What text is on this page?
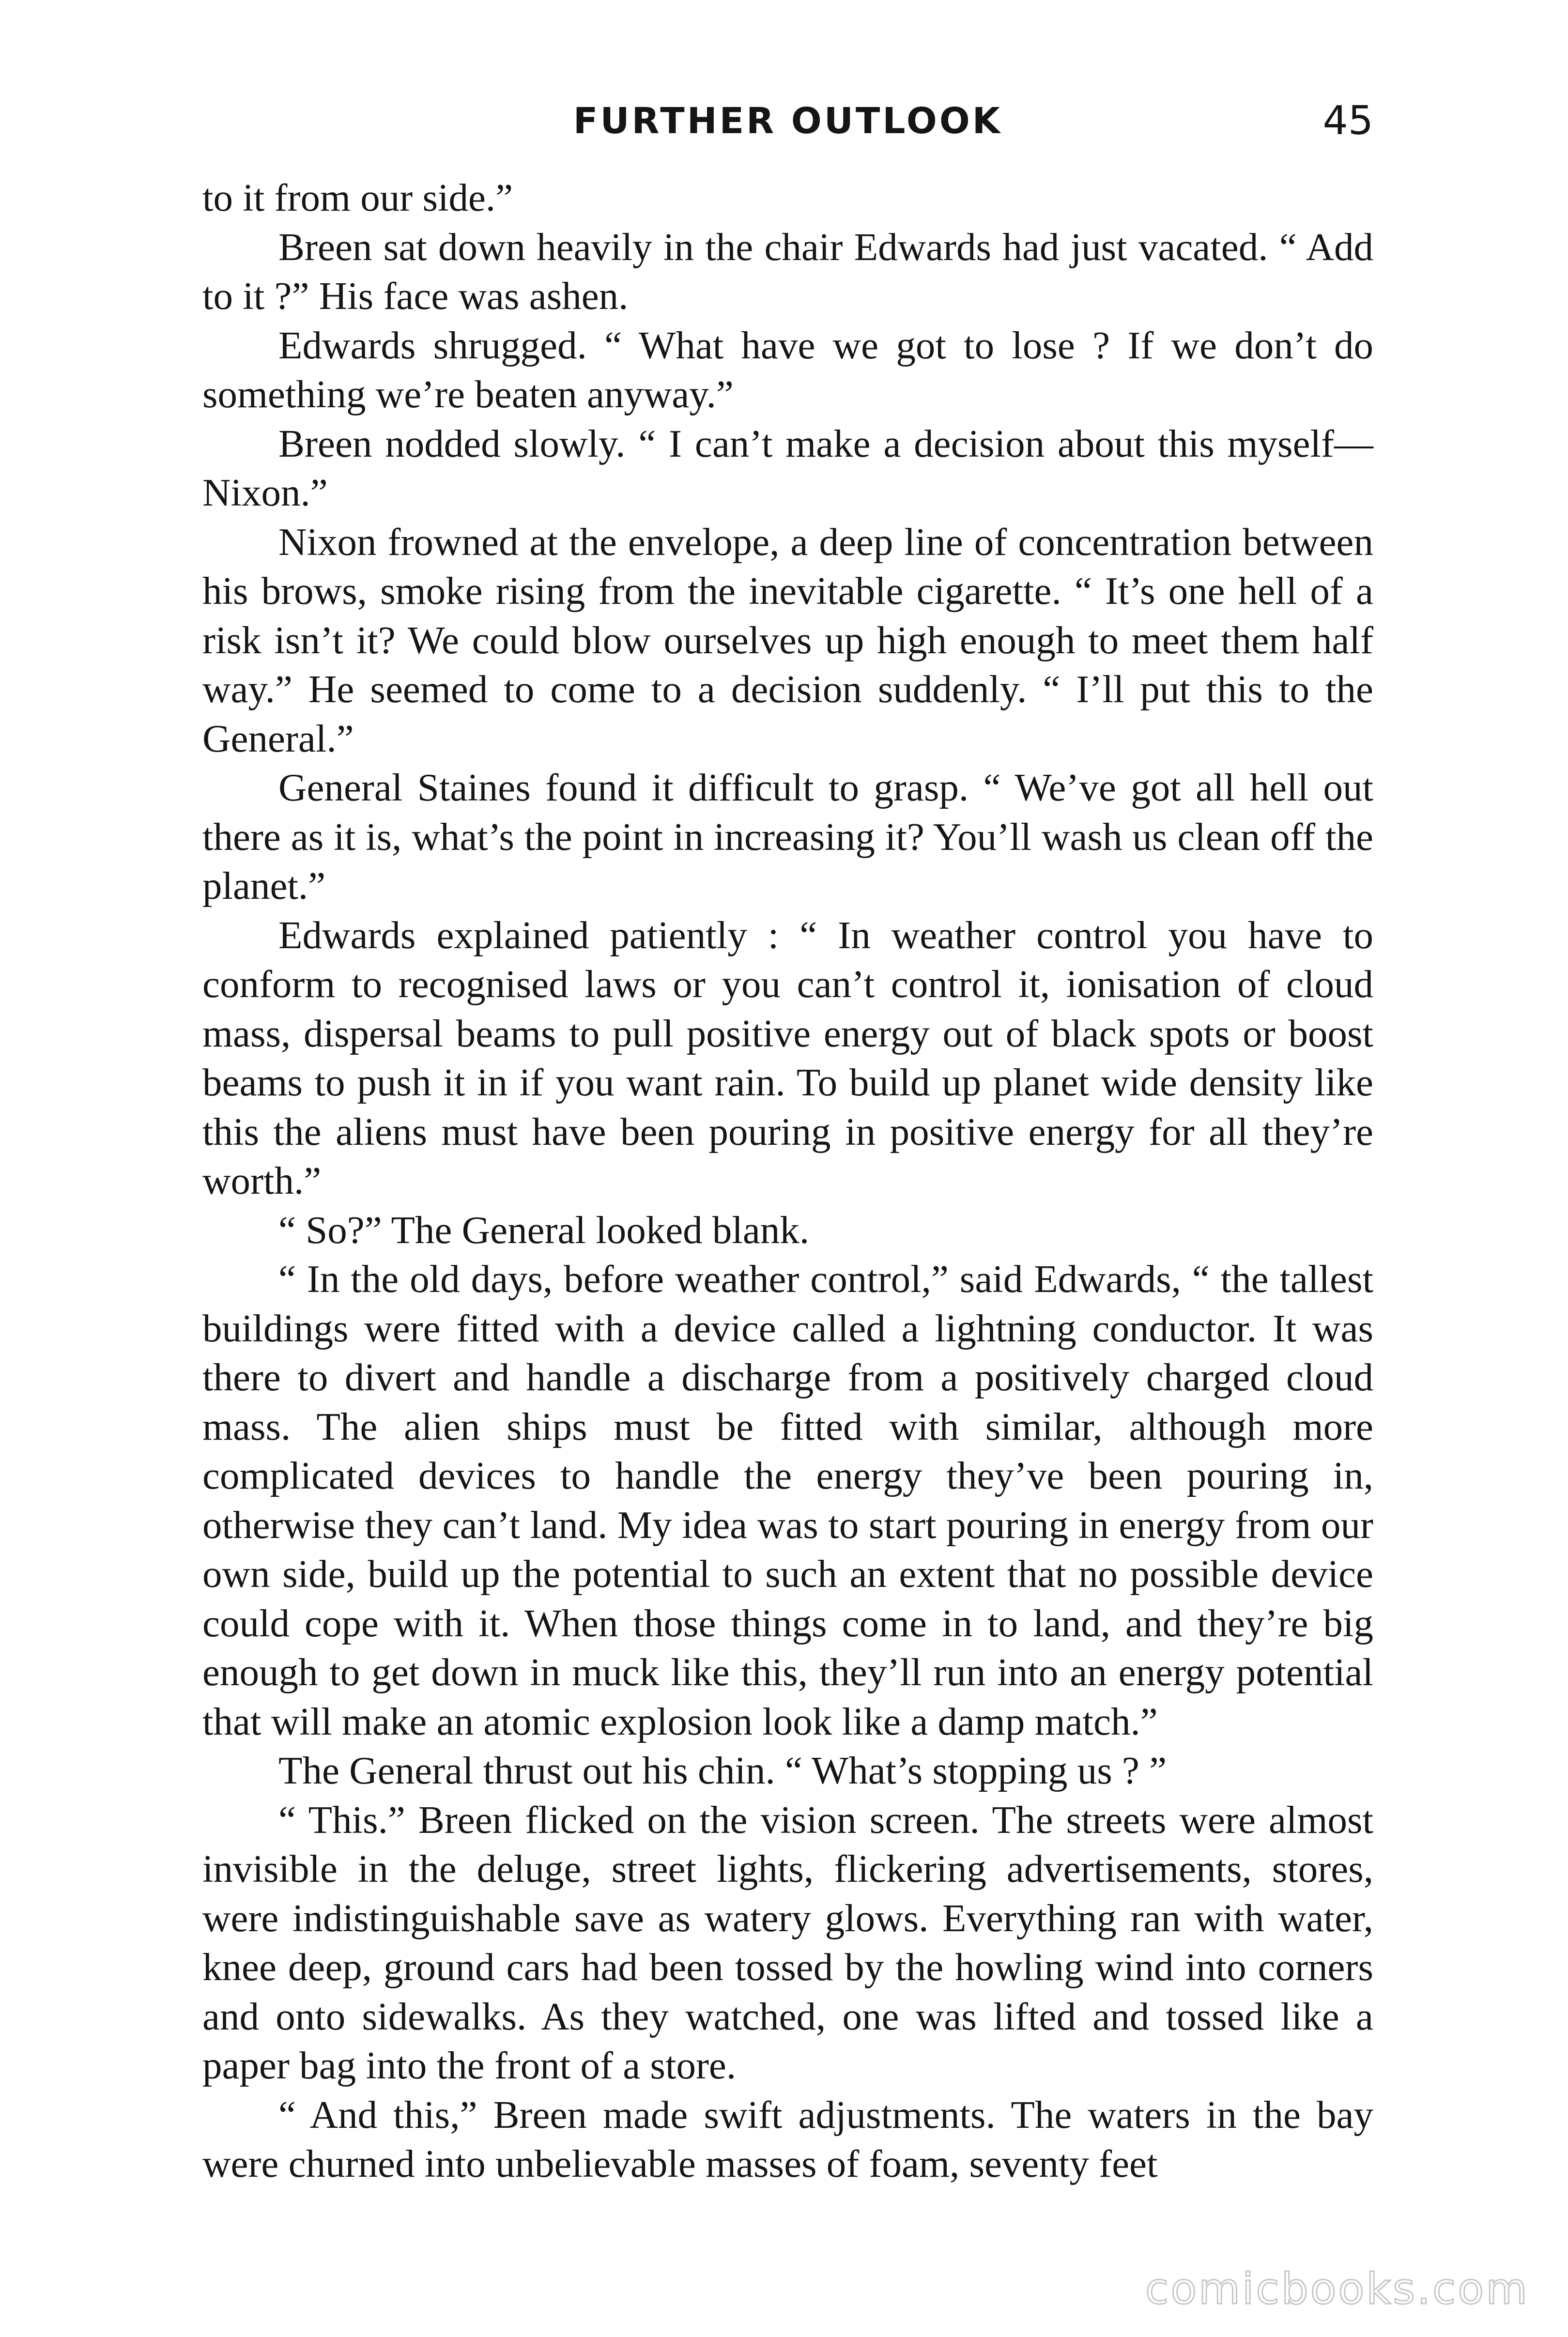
FURTHER OUTLOOK	45

to it from our side.”

Breen sat down heavily in the chair Edwards had just vacated. “ Add to it ?” His face was ashen.

Edwards shrugged. “ What have we got to lose ? If we don’t do something we’re beaten anyway.”

Breen nodded slowly. “ I can’t make a decision about this myself—Nixon.”

Nixon frowned at the envelope, a deep line of concentration between his brows, smoke rising from the inevitable cigarette. “ It’s one hell of a risk isn’t it? We could blow ourselves up high enough to meet them half way.” He seemed to come to a decision suddenly. “ I’ll put this to the General.”

General Staines found it difficult to grasp. “ We’ve got all hell out there as it is, what’s the point in increasing it? You’ll wash us clean off the planet.”

Edwards explained patiently : “ In weather control you have to conform to recognised laws or you can’t control it, ionisation of cloud mass, dispersal beams to pull positive energy out of black spots or boost beams to push it in if you want rain. To build up planet wide density like this the aliens must have been pouring in positive energy for all they’re worth.”

“ So?” The General looked blank.

“ In the old days, before weather control,” said Edwards, “ the tallest buildings were fitted with a device called a lightning conductor. It was there to divert and handle a discharge from a positively charged cloud mass. The alien ships must be fitted with similar, although more complicated devices to handle the energy they’ve been pouring in, otherwise they can’t land. My idea was to start pouring in energy from our own side, build up the potential to such an extent that no possible device could cope with it. When those things come in to land, and they’re big enough to get down in muck like this, they’ll run into an energy potential that will make an atomic explosion look like a damp match.”

The General thrust out his chin. “ What’s stopping us ? ”

“ This.” Breen flicked on the vision screen. The streets were almost invisible in the deluge, street lights, flickering advertisements, stores, were indistinguishable save as watery glows. Everything ran with water, knee deep, ground cars had been tossed by the howling wind into corners and onto sidewalks. As they watched, one was lifted and tossed like a paper bag into the front of a store.

“ And this,” Breen made swift adjustments. The waters in the bay were churned into unbelievable masses of foam, seventy feet

comicbooks.com
